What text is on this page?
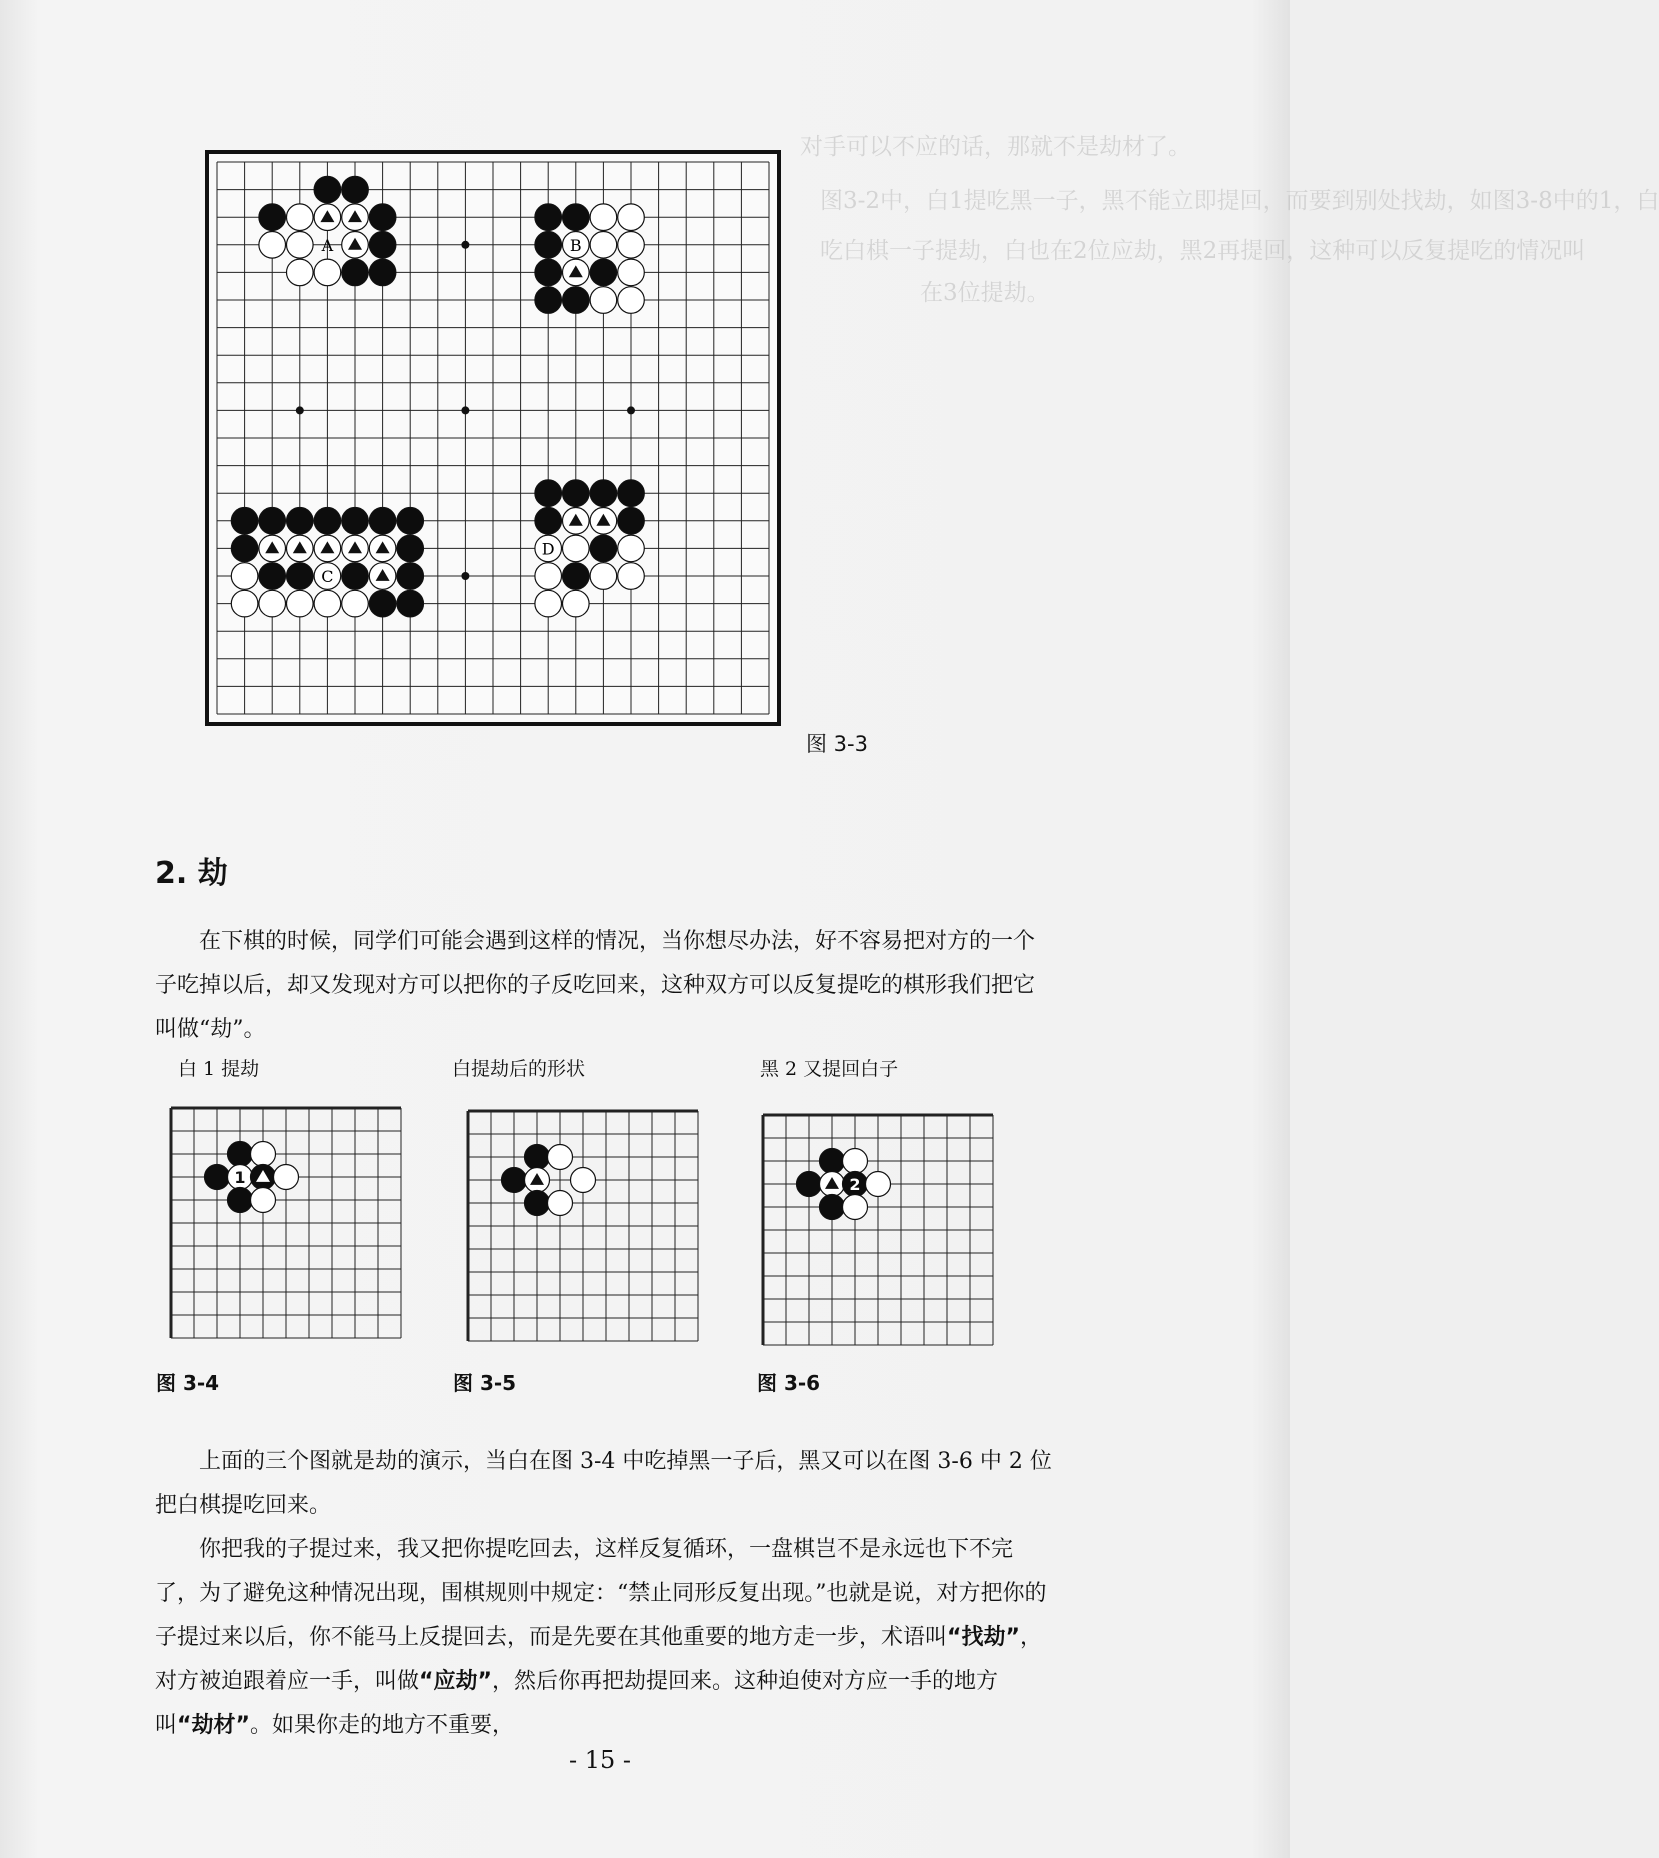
对手可以不应的话，那就不是劫材了。
图3-2中，白1提吃黑一子，黑不能立即提回，而要到别处找劫，如图3-8中的1，白
吃白棋一子提劫，白也在2位应劫，黑2再提回，这种可以反复提吃的情况叫
在3位提劫。
A	B
C
D
图 3-3
2. 劫

在下棋的时候，同学们可能会遇到这样的情况，当你想尽办法，好不容易把对方的一个子吃掉以后，却又发现对方可以把你的子反吃回来，这种双方可以反复提吃的棋形我们把它叫做“劫”。

白 1 提劫	白提劫后的形状	黑 2 又提回白子
1	2
图 3-4	图 3-5	图 3-6

上面的三个图就是劫的演示，当白在图 3-4 中吃掉黑一子后，黑又可以在图 3-6 中 2 位把白棋提吃回来。

你把我的子提过来，我又把你提吃回去，这样反复循环，一盘棋岂不是永远也下不完了，为了避免这种情况出现，围棋规则中规定：“禁止同形反复出现。”也就是说，对方把你的子提过来以后，你不能马上反提回去，而是先要在其他重要的地方走一步，术语叫“找劫”，对方被迫跟着应一手，叫做“应劫”，然后你再把劫提回来。这种迫使对方应一手的地方叫“劫材”。如果你走的地方不重要，

- 15 -
